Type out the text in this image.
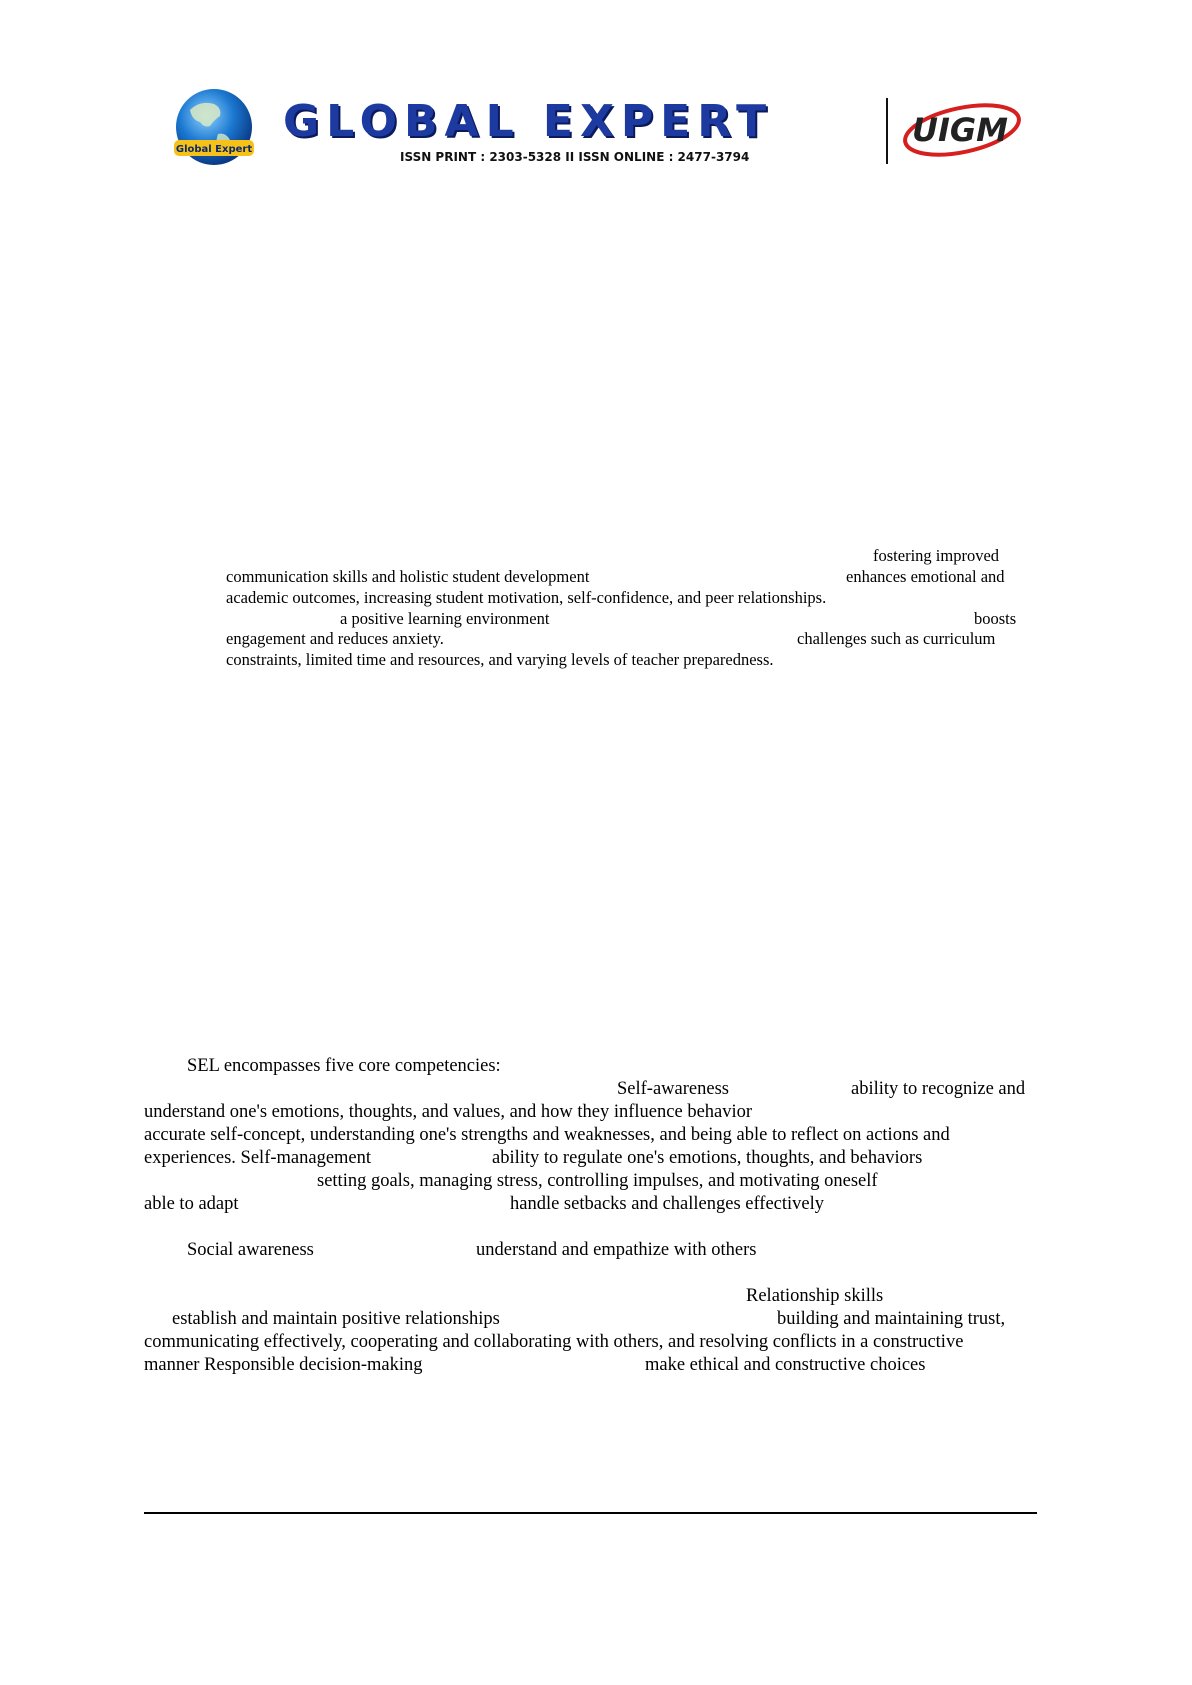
Global Expert
GLOBAL EXPERT
ISSN PRINT : 2303-5328 II ISSN ONLINE : 2477-3794
UIGM
fostering improved
communication skills and holistic student development	enhances emotional and
academic outcomes, increasing student motivation, self-confidence, and peer relationships.
a positive learning environment	boosts
engagement and reduces anxiety.	challenges such as curriculum
constraints, limited time and resources, and varying levels of teacher preparedness.
SEL encompasses five core competencies:
Self-awareness	ability to recognize and
understand one's emotions, thoughts, and values, and how they influence behavior
accurate self-concept, understanding one's strengths and weaknesses, and being able to reflect on actions and
experiences. Self-management	ability to regulate one's emotions, thoughts, and behaviors
setting goals, managing stress, controlling impulses, and motivating oneself
able to adapt	handle setbacks and challenges effectively
Social awareness	understand and empathize with others
Relationship skills
establish and maintain positive relationships	building and maintaining trust,
communicating effectively, cooperating and collaborating with others, and resolving conflicts in a constructive
manner Responsible decision-making	make ethical and constructive choices
